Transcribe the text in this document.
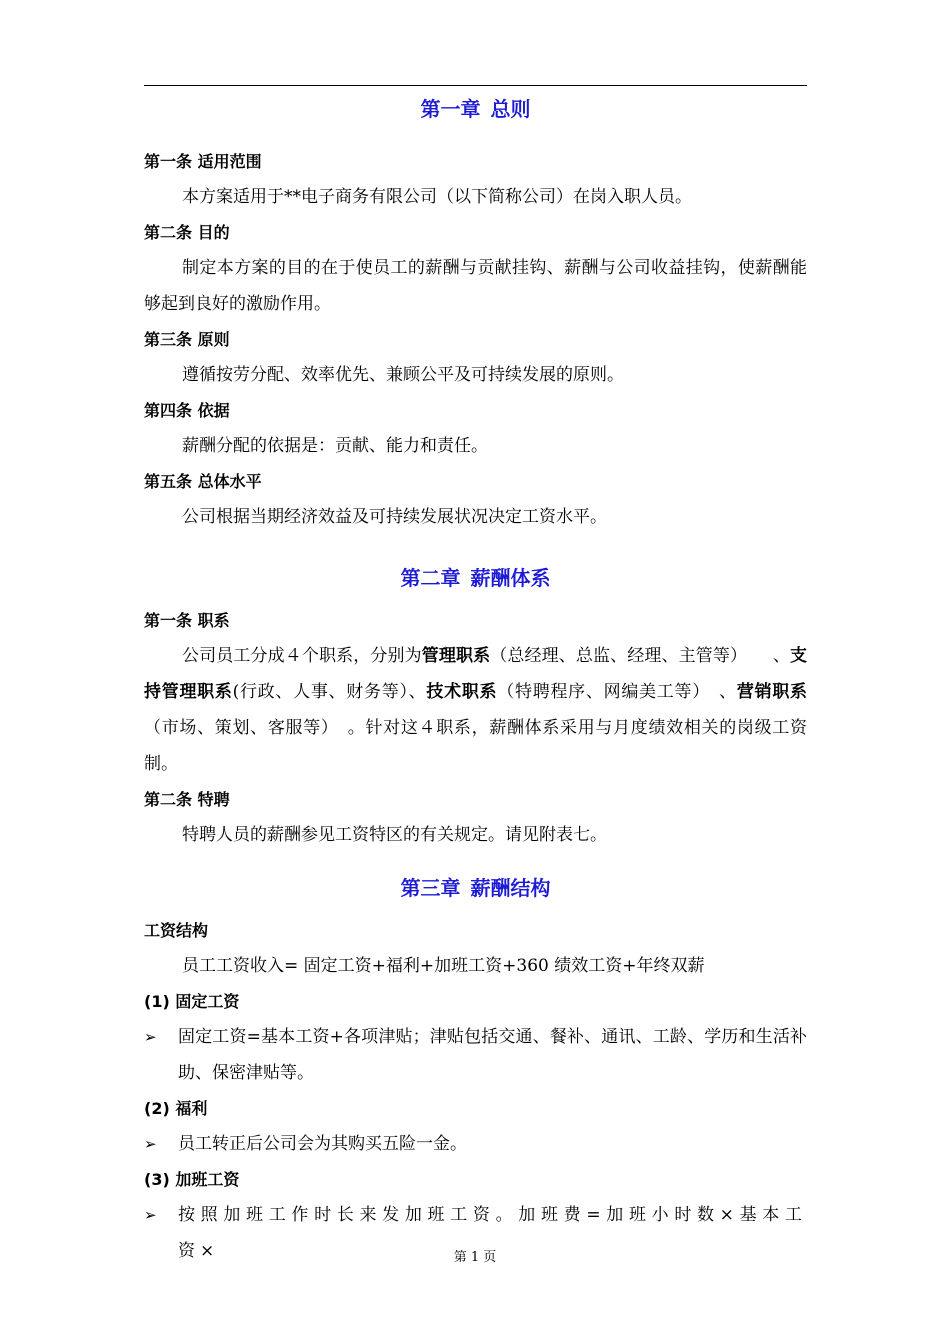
第一章 总则
第一条 适用范围
本方案适用于**电子商务有限公司（以下简称公司）在岗入职人员。
第二条 目的
制定本方案的目的在于使员工的薪酬与贡献挂钩、薪酬与公司收益挂钩，使薪酬能够起到良好的激励作用。
第三条 原则
遵循按劳分配、效率优先、兼顾公平及可持续发展的原则。
第四条 依据
薪酬分配的依据是：贡献、能力和责任。
第五条 总体水平
公司根据当期经济效益及可持续发展状况决定工资水平。
第二章 薪酬体系
第一条 职系
公司员工分成４个职系，分别为管理职系（总经理、总监、经理、主管等）　　、支持管理职系(行政、人事、财务等）、技术职系（特聘程序、网编美工等）　、营销职系（市场、策划、客服等）　。针对这４职系，薪酬体系采用与月度绩效相关的岗级工资制。
第二条 特聘
特聘人员的薪酬参见工资特区的有关规定。请见附表七。
第三章 薪酬结构
工资结构
员工工资收入= 固定工资+福利+加班工资+360 绩效工资+年终双薪
(1) 固定工资
➢ 固定工资=基本工资+各项津贴；津贴包括交通、餐补、通讯、工龄、学历和生活补助、保密津贴等。
(2) 福利
➢ 员工转正后公司会为其购买五险一金。
(3) 加班工资
➢ 按照加班工作时长来发加班工资。加班费=加班小时数×基本工资×	第 1 页
